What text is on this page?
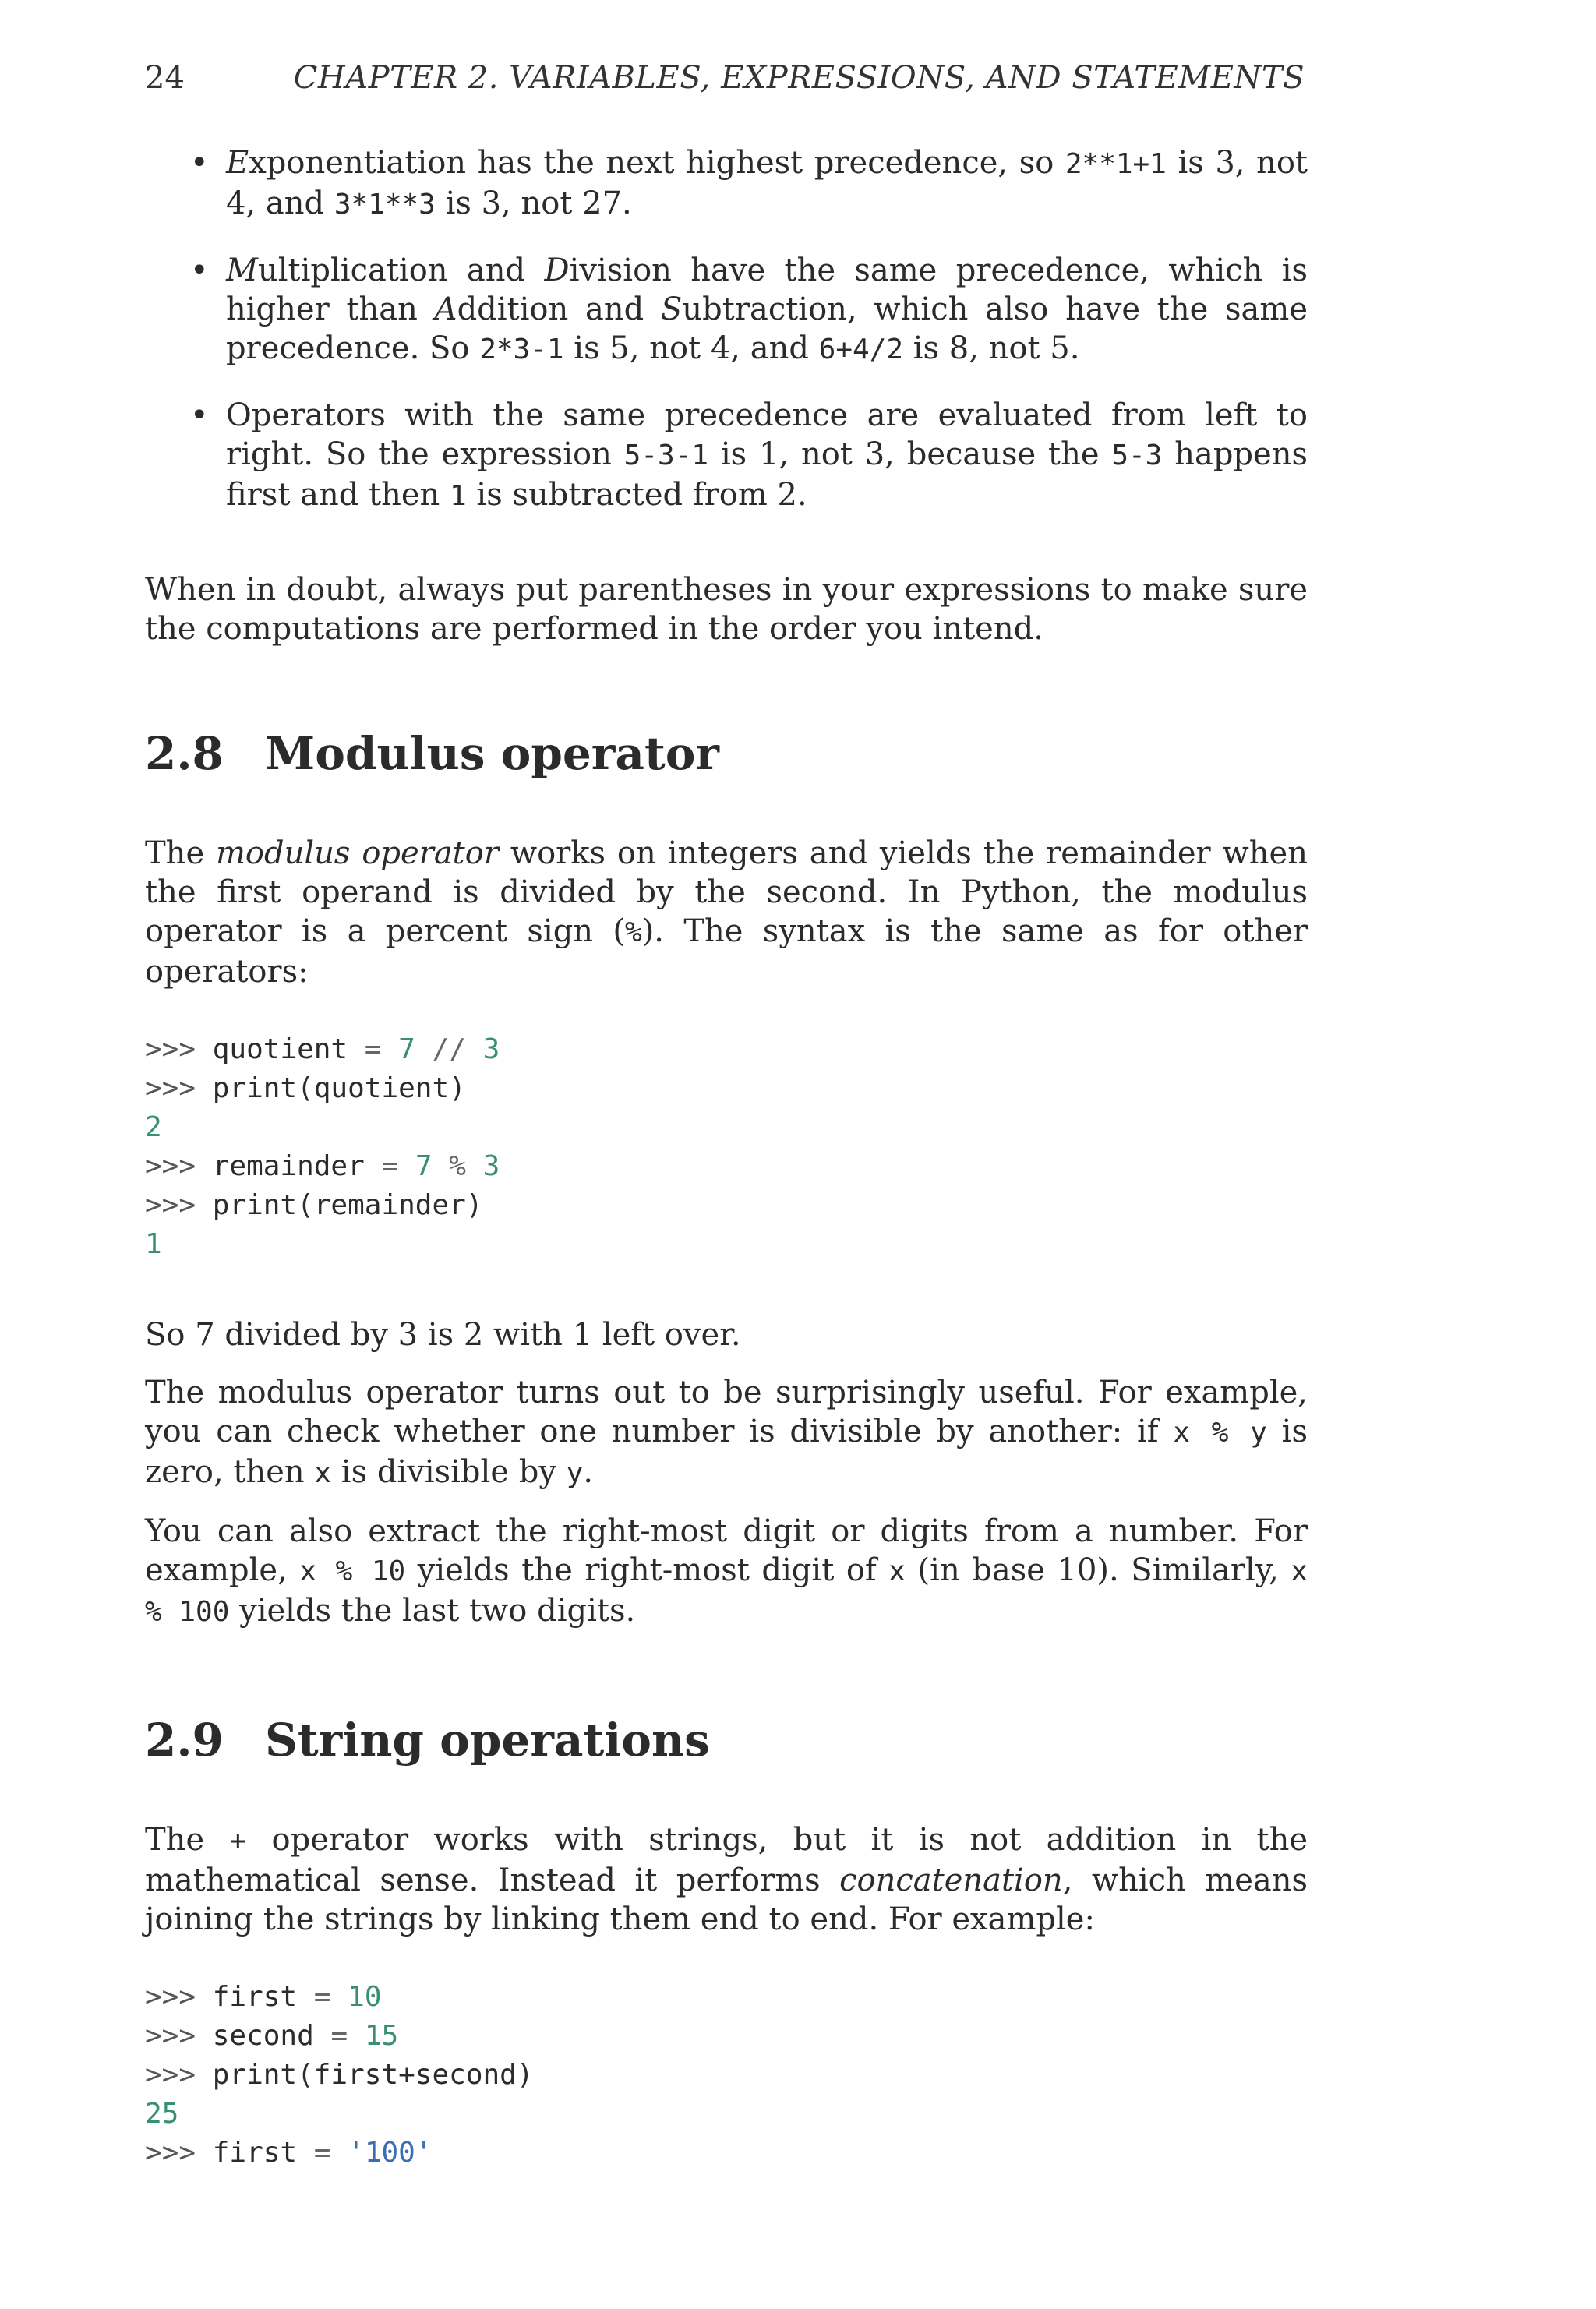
24	CHAPTER 2. VARIABLES, EXPRESSIONS, AND STATEMENTS
• Exponentiation has the next highest precedence, so 2**1+1 is 3, not 4, and 3*1**3 is 3, not 27.
• Multiplication and Division have the same precedence, which is higher than Addition and Subtraction, which also have the same precedence. So 2*3-1 is 5, not 4, and 6+4/2 is 8, not 5.
• Operators with the same precedence are evaluated from left to right. So the expression 5-3-1 is 1, not 3, because the 5-3 happens first and then 1 is subtracted from 2.

When in doubt, always put parentheses in your expressions to make sure the computations are performed in the order you intend.

2.8 Modulus operator

The modulus operator works on integers and yields the remainder when the first operand is divided by the second. In Python, the modulus operator is a percent sign (%). The syntax is the same as for other operators:

>>> quotient = 7 // 3
>>> print(quotient)
2
>>> remainder = 7 % 3
>>> print(remainder)
1

So 7 divided by 3 is 2 with 1 left over.

The modulus operator turns out to be surprisingly useful. For example, you can check whether one number is divisible by another: if x % y is zero, then x is divisible by y.

You can also extract the right-most digit or digits from a number. For example, x % 10 yields the right-most digit of x (in base 10). Similarly, x % 100 yields the last two digits.

2.9 String operations

The + operator works with strings, but it is not addition in the mathematical sense. Instead it performs concatenation, which means joining the strings by linking them end to end. For example:

>>> first = 10
>>> second = 15
>>> print(first+second)
25
>>> first = '100'
